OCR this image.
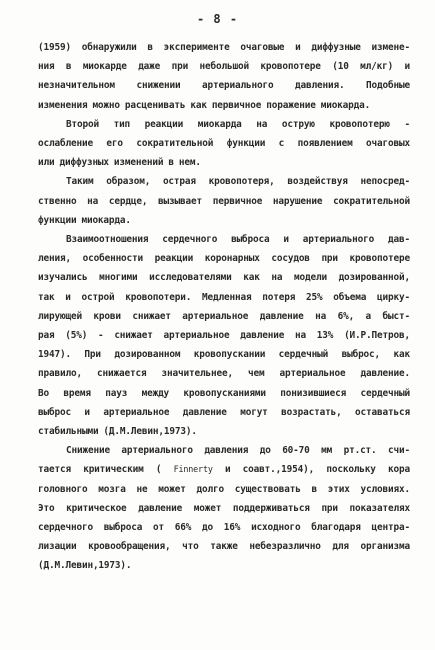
- 8 -
(1959) обнаружили в эксперименте очаговые и диффузные измене-
ния в миокарде даже при небольшой кровопотере (10 мл/кг) и
незначительном снижении артериального давления. Подобные
изменения можно расценивать как первичное поражение миокарда.
Второй тип реакции миокарда на острую кровопотерю -
ослабление его сократительной функции с появлением очаговых
или диффузных изменений в нем.
Таким образом, острая кровопотеря, воздействуя непосред-
ственно на сердце, вызывает первичное нарушение сократительной
функции миокарда.
Взаимоотношения сердечного выброса и артериального дав-
ления, особенности реакции коронарных сосудов при кровопотере
изучались многими исследователями как на модели дозированной,
так и острой кровопотери. Медленная потеря 25% объема цирку-
лирующей крови снижает артериальное давление на 6%, а быст-
рая (5%) - снижает артериальное давление на 13% (И.Р.Петров,
1947). При дозированном кровопускании сердечный выброс, как
правило, снижается значительнее, чем артериальное давление.
Во время пауз между кровопусканиями понизившиеся сердечный
выброс и артериальное давление могут возрастать, оставаться
стабильными (Д.М.Левин,1973).
Снижение артериального давления до 60-70 мм рт.ст. счи-
тается критическим ( Finnerty и соавт.,1954), поскольку кора
головного мозга не может долго существовать в этих условиях.
Это критическое давление может поддерживаться при показателях
сердечного выброса от 66% до 16% исходного благодаря центра-
лизации кровообращения, что также небезразлично для организма
(Д.М.Левин,1973).
